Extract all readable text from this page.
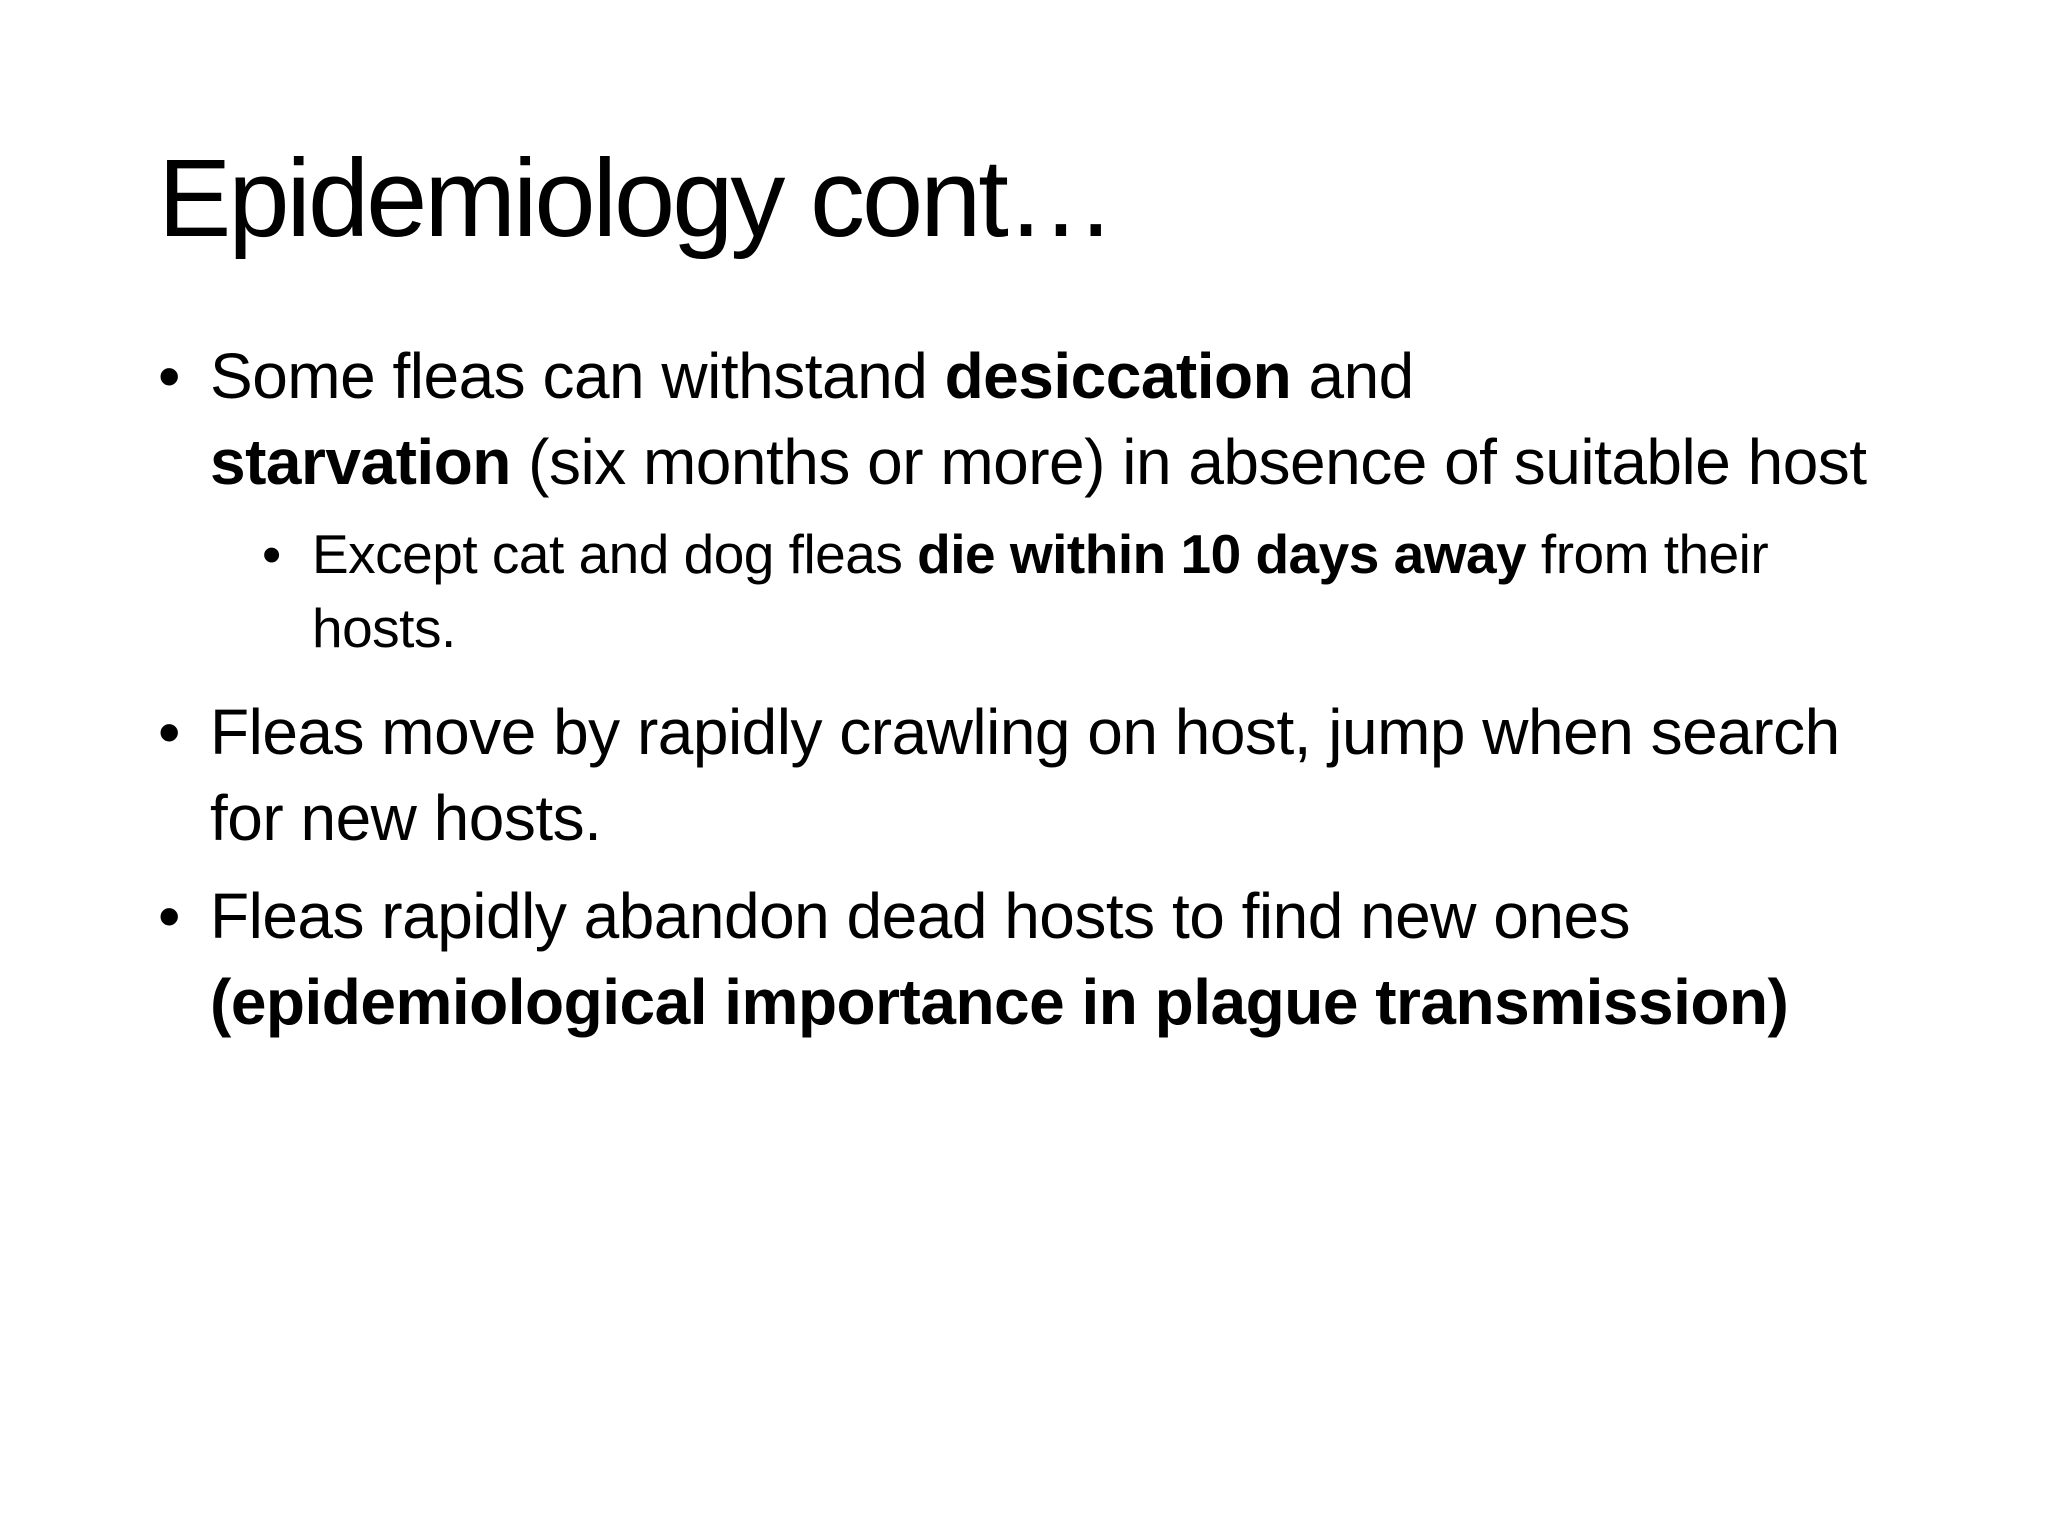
Epidemiology cont…
• Some fleas can withstand desiccation and
starvation (six months or more) in absence of suitable host
• Except cat and dog fleas die within 10 days away from their hosts.
• Fleas move by rapidly crawling on host, jump when search for new hosts.
• Fleas rapidly abandon dead hosts to find new ones
(epidemiological importance in plague transmission)
